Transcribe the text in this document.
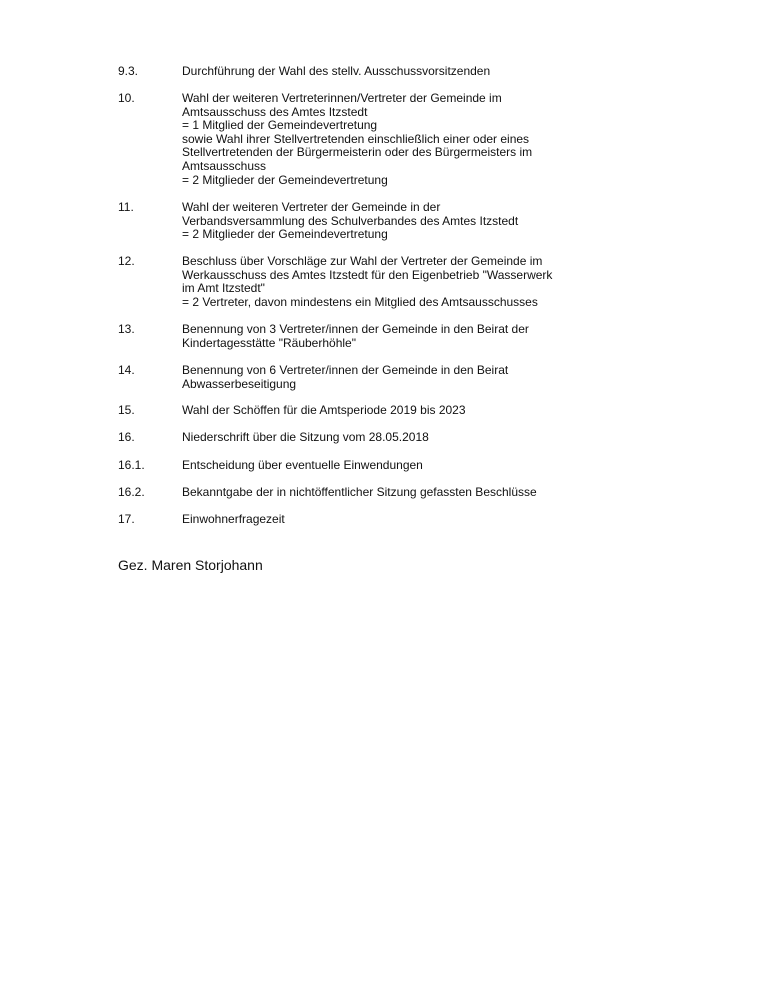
9.3.	Durchführung der Wahl des stellv. Ausschussvorsitzenden
10.	Wahl der weiteren Vertreterinnen/Vertreter der Gemeinde im
Amtsausschuss des Amtes Itzstedt
= 1 Mitglied der Gemeindevertretung
sowie Wahl ihrer Stellvertretenden einschließlich einer oder eines
Stellvertretenden der Bürgermeisterin oder des Bürgermeisters im
Amtsausschuss
= 2 Mitglieder der Gemeindevertretung
11.	Wahl der weiteren Vertreter der Gemeinde in der
Verbandsversammlung des Schulverbandes des Amtes Itzstedt
= 2 Mitglieder der Gemeindevertretung
12.	Beschluss über Vorschläge zur Wahl der Vertreter der Gemeinde im
Werkausschuss des Amtes Itzstedt für den Eigenbetrieb "Wasserwerk
im Amt Itzstedt"
= 2 Vertreter, davon mindestens ein Mitglied des Amtsausschusses
13.	Benennung von 3 Vertreter/innen der Gemeinde in den Beirat der
Kindertagesstätte "Räuberhöhle"
14.	Benennung von 6 Vertreter/innen der Gemeinde in den Beirat
Abwasserbeseitigung
15.	Wahl der Schöffen für die Amtsperiode 2019 bis 2023
16.	Niederschrift über die Sitzung vom 28.05.2018
16.1.	Entscheidung über eventuelle Einwendungen
16.2.	Bekanntgabe der in nichtöffentlicher Sitzung gefassten Beschlüsse
17.	Einwohnerfragezeit
Gez. Maren Storjohann
